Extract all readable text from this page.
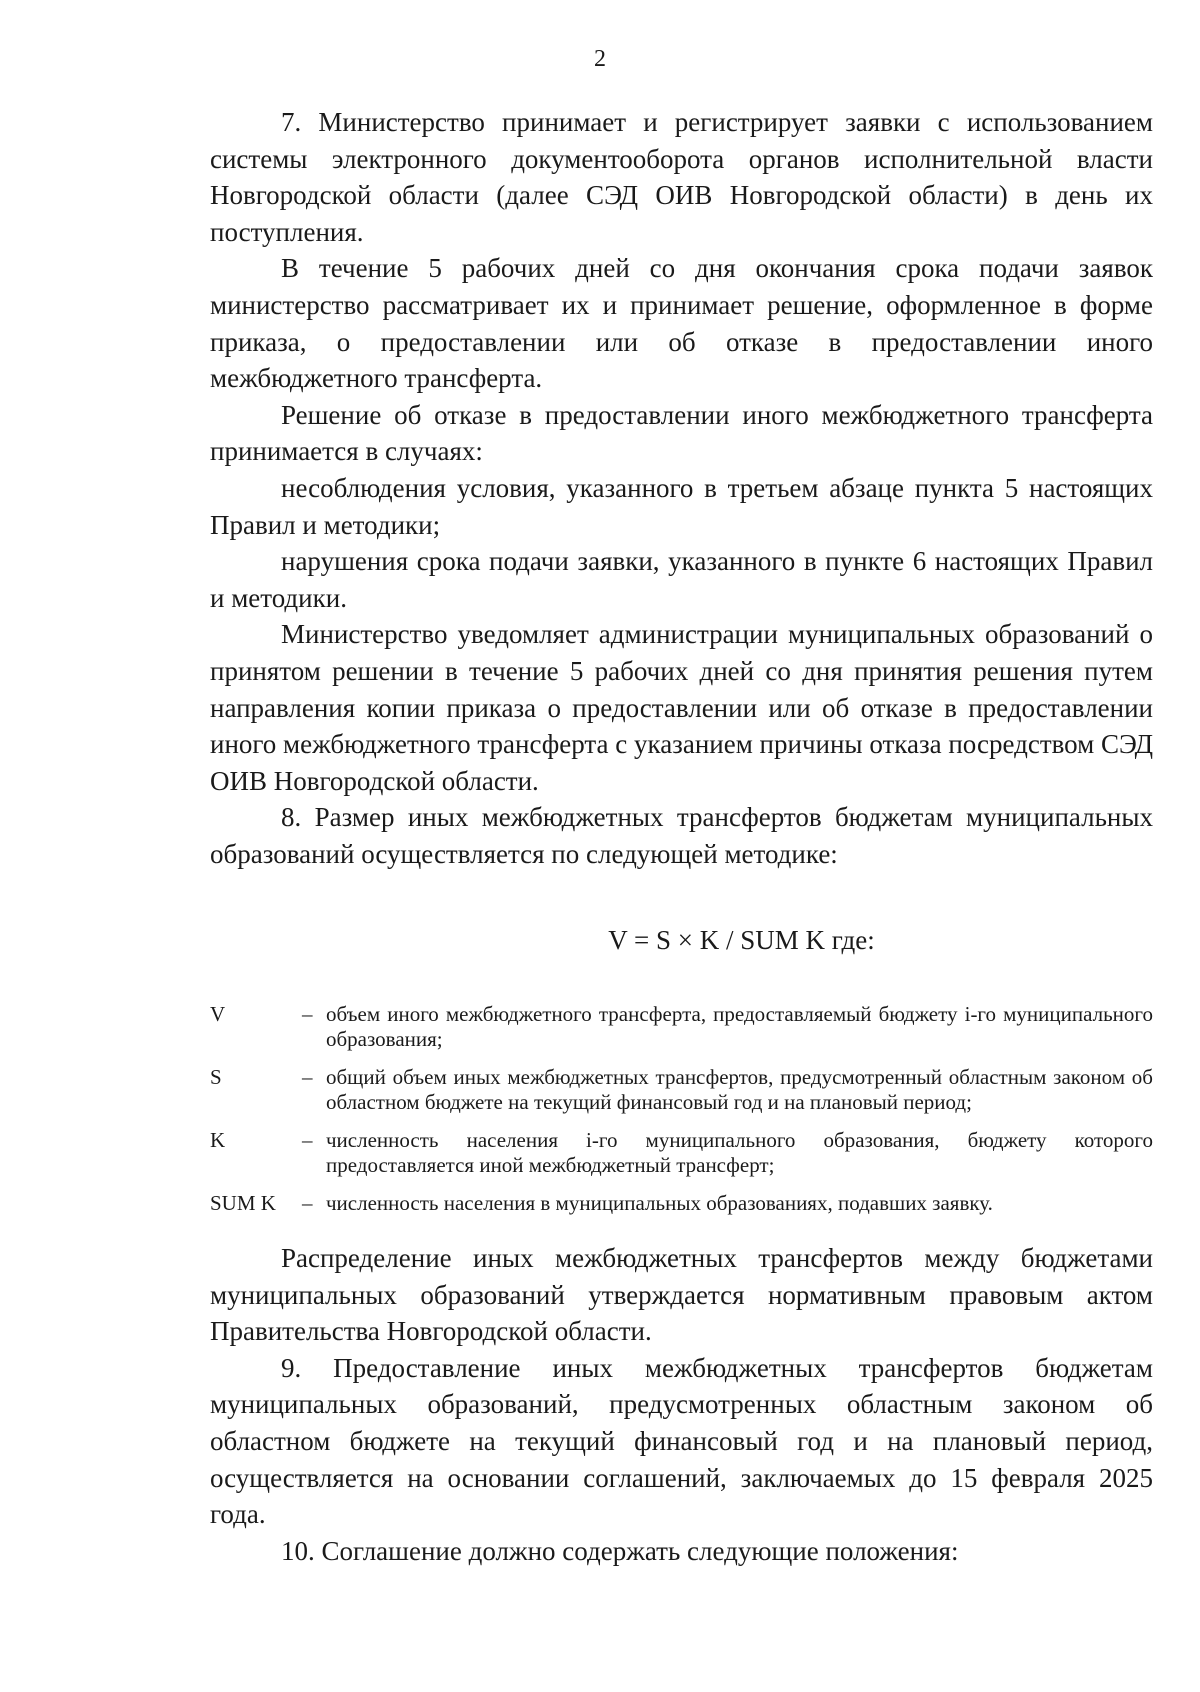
2

7. Министерство принимает и регистрирует заявки с использованием системы электронного документооборота органов исполнительной власти Новгородской области (далее СЭД ОИВ Новгородской области) в день их поступления.

В течение 5 рабочих дней со дня окончания срока подачи заявок министерство рассматривает их и принимает решение, оформленное в форме приказа, о предоставлении или об отказе в предоставлении иного межбюджетного трансферта.

Решение об отказе в предоставлении иного межбюджетного трансферта принимается в случаях:

несоблюдения условия, указанного в третьем абзаце пункта 5 настоящих Правил и методики;

нарушения срока подачи заявки, указанного в пункте 6 настоящих Правил и методики.

Министерство уведомляет администрации муниципальных образований о принятом решении в течение 5 рабочих дней со дня принятия решения путем направления копии приказа о предоставлении или об отказе в предоставлении иного межбюджетного трансферта с указанием причины отказа посредством СЭД ОИВ Новгородской области.

8. Размер иных межбюджетных трансфертов бюджетам муниципальных образований осуществляется по следующей методике:

V = S × K / SUM K где:
V	– объем иного межбюджетного трансферта, предоставляемый бюджету i-го муниципального образования;
S	– общий объем иных межбюджетных трансфертов, предусмотренный областным законом об областном бюджете на текущий финансовый год и на плановый период;
K	– численность населения i-го муниципального образования, бюджету которого предоставляется иной межбюджетный трансферт;
SUM K	– численность населения в муниципальных образованиях, подавших заявку.

Распределение иных межбюджетных трансфертов между бюджетами муниципальных образований утверждается нормативным правовым актом Правительства Новгородской области.

9. Предоставление иных межбюджетных трансфертов бюджетам муниципальных образований, предусмотренных областным законом об областном бюджете на текущий финансовый год и на плановый период, осуществляется на основании соглашений, заключаемых до 15 февраля 2025 года.

10. Соглашение должно содержать следующие положения:
